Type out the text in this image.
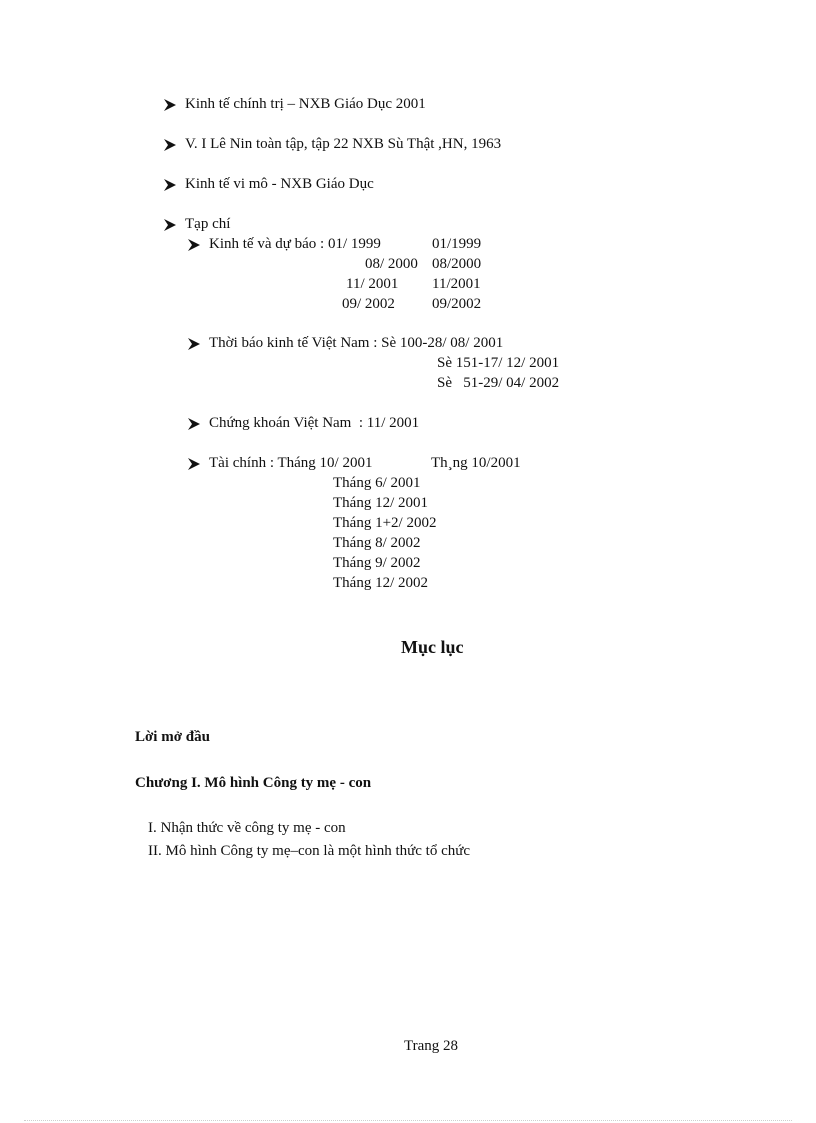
Kinh tế chính trị – NXB Giáo Dục 2001
V. I Lê Nin toàn tập, tập 22 NXB Sù Thật ,HN, 1963
Kinh tế vi mô - NXB Giáo Dục
Tạp chí
Kinh tế và dự báo : 01/ 1999	01/1999
08/ 2000 08/2000
11/ 2001 11/2001
09/ 2002 09/2002
Thời báo kinh tế Việt Nam : Sè 100-28/ 08/ 2001
Sè 151-17/ 12/ 2001
Sè   51-29/ 04/ 2002
Chứng khoán Việt Nam  : 11/ 2001
Tài chính : Tháng 10/ 2001	Th¸ng 10/2001
Tháng 6/ 2001
Tháng 12/ 2001
Tháng 1+2/ 2002
Tháng 8/ 2002
Tháng 9/ 2002
Tháng 12/ 2002
Mục lục
Lời mở đầu
Chương I. Mô hình Công ty mẹ - con
I. Nhận thức về công ty mẹ - con
II. Mô hình Công ty mẹ–con là một hình thức tổ chức
Trang 28
